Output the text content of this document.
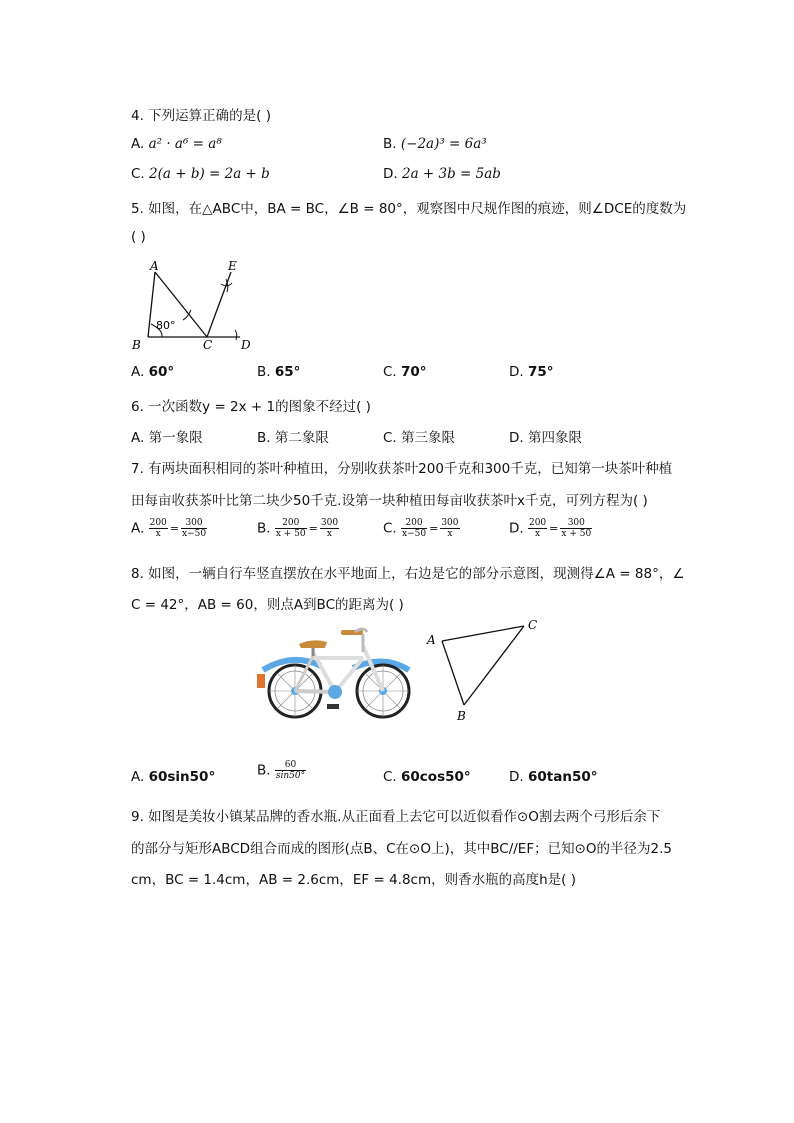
4. 下列运算正确的是( )
A. a² · a⁶ = a⁸	B. (−2a)³ = 6a³
C. 2(a + b) = 2a + b	D. 2a + 3b = 5ab
5. 如图，在△ABC中，BA = BC，∠B = 80°，观察图中尺规作图的痕迹，则∠DCE的度数为
( )
A
B	C D
E
80°
A. 60°	B. 65°	C. 70°	D. 75°
6. 一次函数y = 2x + 1的图象不经过( )
A. 第一象限	B. 第二象限	C. 第三象限	D. 第四象限
7. 有两块面积相同的茶叶种植田，分别收获茶叶200千克和300千克，已知第一块茶叶种植
田每亩收获茶叶比第二块少50千克.设第一块种植田每亩收获茶叶x千克，可列方程为( )
A. $\frac{200}{x} = \frac{300}{x-50}$	B. $\frac{200}{x + 50} = \frac{300}{x}$	C. $\frac{200}{x-50} = \frac{300}{x}$	D. $\frac{200}{x} = \frac{300}{x + 50}$
8. 如图，一辆自行车竖直摆放在水平地面上，右边是它的部分示意图，现测得∠A = 88°，∠
C = 42°，AB = 60，则点A到BC的距离为( )
A
C
B
A. 60sin50°	B. $\frac{60}{\sin 50^\circ}$	C. 60cos50°	D. 60tan50°
9. 如图是美妆小镇某品牌的香水瓶.从正面看上去它可以近似看作⊙O割去两个弓形后余下
的部分与矩形ABCD组合而成的图形(点B、C在⊙O上)，其中BC//EF；已知⊙O的半径为2.5
cm，BC = 1.4cm，AB = 2.6cm，EF = 4.8cm，则香水瓶的高度h是( )
